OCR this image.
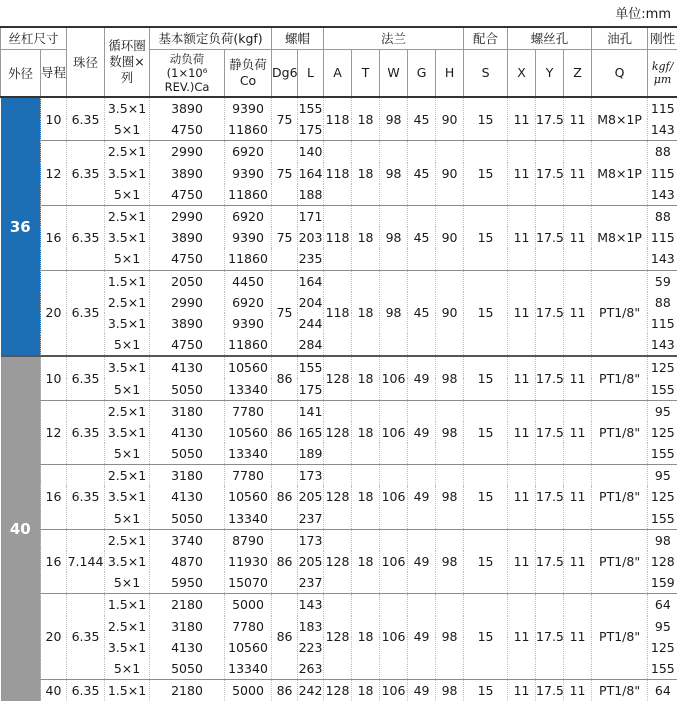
单位:mm
丝杠尺寸		珠径	循环圈数圈×列	基本额定负荷(kgf)		螺帽		法兰					配合	螺丝孔			油孔	刚性
外径	导程			动负荷(1×10⁶ REV.)Ca	静负荷Co	Dg6	L	A	T	W	G	H	S	X	Y	Z	Q	kgf/μm
36	10	6.35	3.5×1	3890	9390	75	155	118	18	98	45	90	15	11	17.5	11	M8×1P	115
			5×1	4750	11860		175											143
	12	6.35	2.5×1	2990	6920	75	140	118	18	98	45	90	15	11	17.5	11	M8×1P	88
			3.5×1	3890	9390		164											115
			5×1	4750	11860		188											143
	16	6.35	2.5×1	2990	6920	75	171	118	18	98	45	90	15	11	17.5	11	M8×1P	88
			3.5×1	3890	9390		203											115
			5×1	4750	11860		235											143
	20	6.35	1.5×1	2050	4450	75	164	118	18	98	45	90	15	11	17.5	11	PT1/8"	59
			2.5×1	2990	6920		204											88
			3.5×1	3890	9390		244											115
			5×1	4750	11860		284											143
40	10	6.35	3.5×1	4130	10560	86	155	128	18	106	49	98	15	11	17.5	11	PT1/8"	125
			5×1	5050	13340		175											155
	12	6.35	2.5×1	3180	7780	86	141	128	18	106	49	98	15	11	17.5	11	PT1/8"	95
			3.5×1	4130	10560		165											125
			5×1	5050	13340		189											155
	16	6.35	2.5×1	3180	7780	86	173	128	18	106	49	98	15	11	17.5	11	PT1/8"	95
			3.5×1	4130	10560		205											125
			5×1	5050	13340		237											155
	16	7.144	2.5×1	3740	8790	86	173	128	18	106	49	98	15	11	17.5	11	PT1/8"	98
			3.5×1	4870	11930		205											128
			5×1	5950	15070		237											159
	20	6.35	1.5×1	2180	5000	86	143	128	18	106	49	98	15	11	17.5	11	PT1/8"	64
			2.5×1	3180	7780		183											95
			3.5×1	4130	10560		223											125
			5×1	5050	13340		263											155
	40	6.35	1.5×1	2180	5000	86	242	128	18	106	49	98	15	11	17.5	11	PT1/8"	64
